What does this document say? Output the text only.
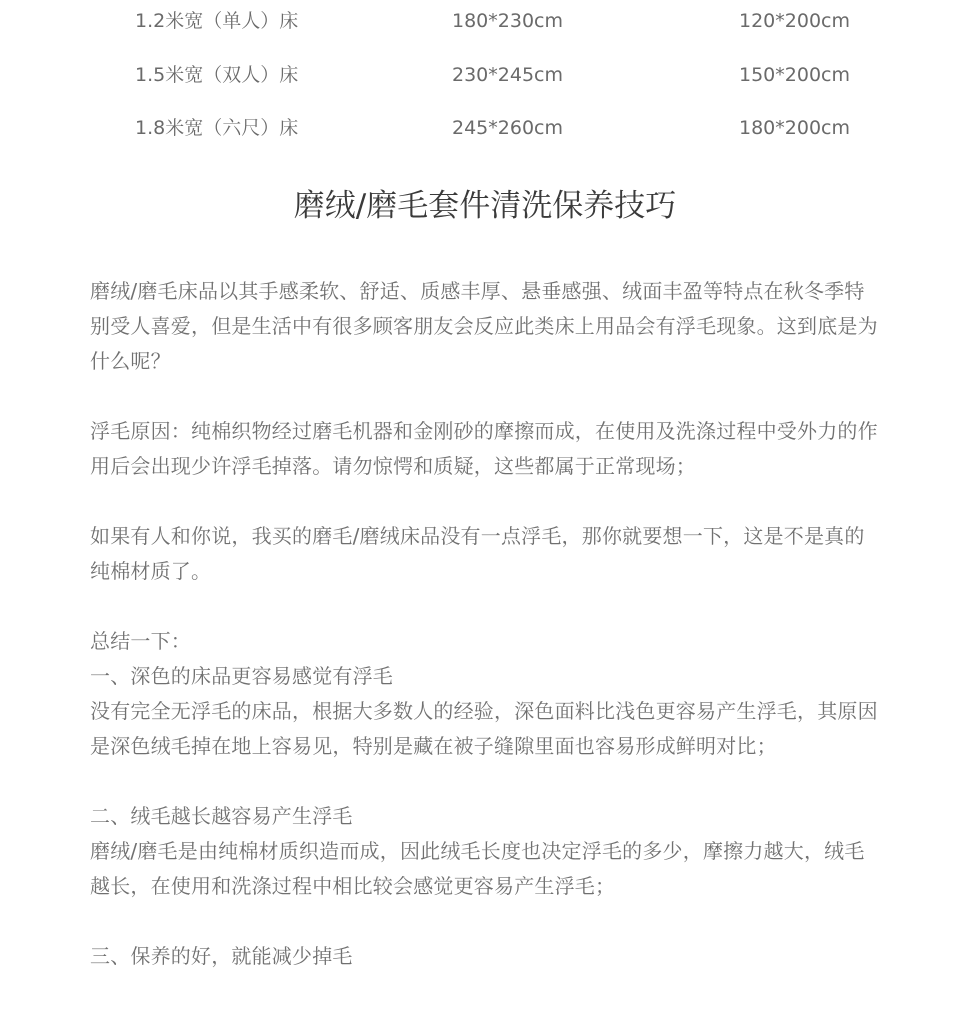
1.2米宽（单人）床	180*230cm	120*200cm
1.5米宽（双人）床	230*245cm	150*200cm
1.8米宽（六尺）床	245*260cm	180*200cm
磨绒/磨毛套件清洗保养技巧

磨绒/磨毛床品以其手感柔软、舒适、质感丰厚、悬垂感强、绒面丰盈等特点在秋冬季特别受人喜爱，但是生活中有很多顾客朋友会反应此类床上用品会有浮毛现象。这到底是为什么呢？

浮毛原因：纯棉织物经过磨毛机器和金刚砂的摩擦而成，在使用及洗涤过程中受外力的作用后会出现少许浮毛掉落。请勿惊愕和质疑，这些都属于正常现场；

如果有人和你说，我买的磨毛/磨绒床品没有一点浮毛，那你就要想一下，这是不是真的纯棉材质了。

总结一下：
一、深色的床品更容易感觉有浮毛
没有完全无浮毛的床品，根据大多数人的经验，深色面料比浅色更容易产生浮毛，其原因是深色绒毛掉在地上容易见，特别是藏在被子缝隙里面也容易形成鲜明对比；

二、绒毛越长越容易产生浮毛
磨绒/磨毛是由纯棉材质织造而成，因此绒毛长度也决定浮毛的多少，摩擦力越大，绒毛越长，在使用和洗涤过程中相比较会感觉更容易产生浮毛；

三、保养的好，就能减少掉毛
